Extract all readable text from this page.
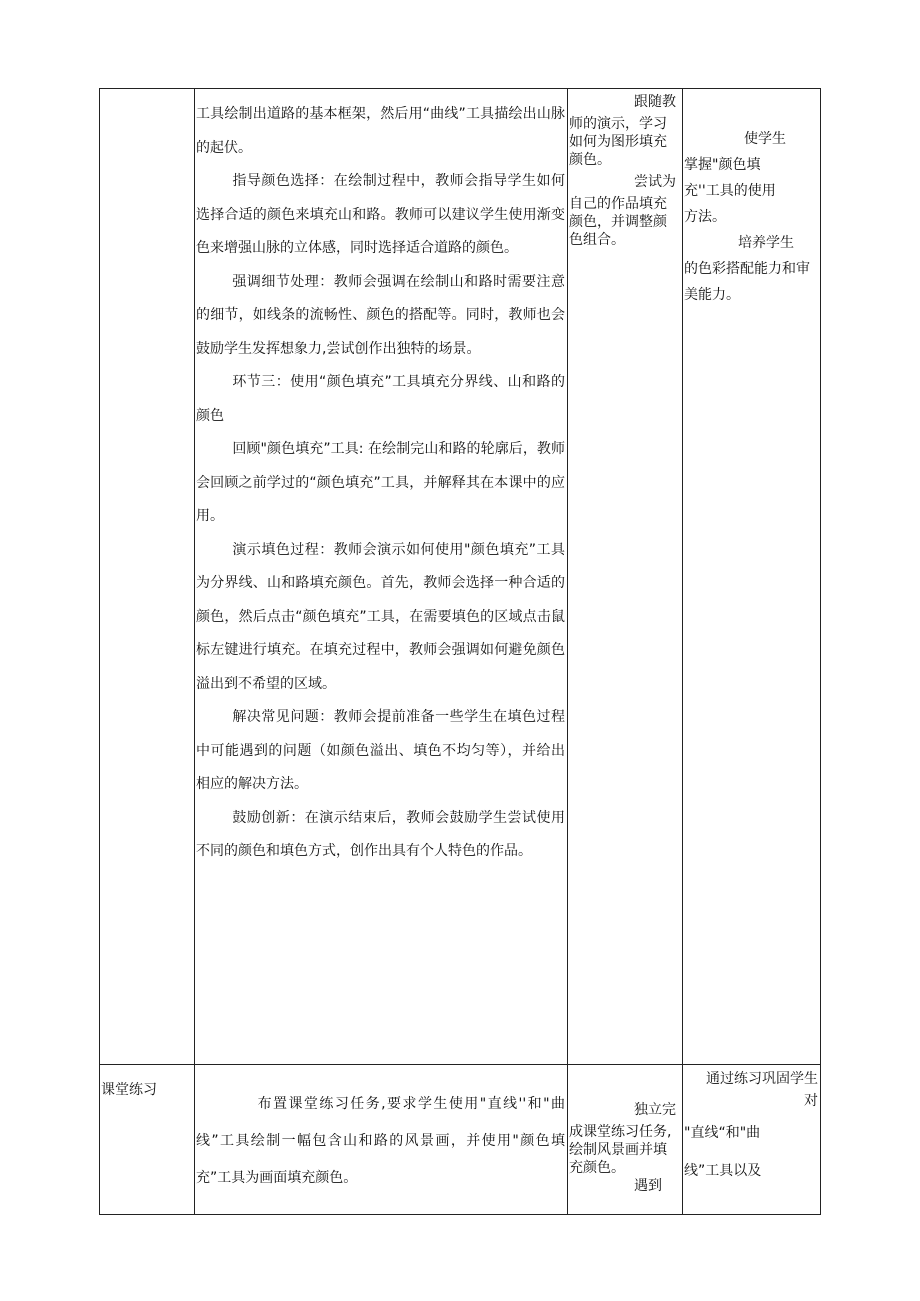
工具绘制出道路的基本框架，然后用“曲线”工具描绘出山脉的起伏。

指导颜色选择：在绘制过程中，教师会指导学生如何选择合适的颜色来填充山和路。教师可以建议学生使用渐变色来增强山脉的立体感，同时选择适合道路的颜色。

强调细节处理：教师会强调在绘制山和路时需要注意的细节，如线条的流畅性、颜色的搭配等。同时，教师也会鼓励学生发挥想象力,尝试创作出独特的场景。

环节三：使用“颜色填充”工具填充分界线、山和路的颜色

回顾"颜色填充”工具: 在绘制完山和路的轮廓后，教师会回顾之前学过的“颜色填充”工具，并解释其在本课中的应用。

演示填色过程：教师会演示如何使用"颜色填充”工具为分界线、山和路填充颜色。首先，教师会选择一种合适的颜色，然后点击“颜色填充”工具，在需要填色的区域点击鼠标左键进行填充。在填充过程中，教师会强调如何避免颜色溢出到不希望的区域。

解决常见问题：教师会提前准备一些学生在填色过程中可能遇到的问题（如颜色溢出、填色不均匀等），并给出相应的解决方法。

鼓励创新：在演示结束后，教师会鼓励学生尝试使用不同的颜色和填色方式，创作出具有个人特色的作品。

跟随教

师的演示，学习如何为图形填充颜色。

尝试为

自己的作品填充颜色，并调整颜色组合。

使学生

掌握"颜色填

充''工具的使用

方法。

培养学生

的色彩搭配能力和审美能力。

课堂练习

布置课堂练习任务,要求学生使用"直线''和"曲线”工具绘制一幅包含山和路的风景画，并使用"颜色填充”工具为画面填充颜色。

独立完

成课堂练习任务,绘制风景画并填充颜色。

遇到

通过练习巩固学生

对

"直线“和"曲

线”工具以及
